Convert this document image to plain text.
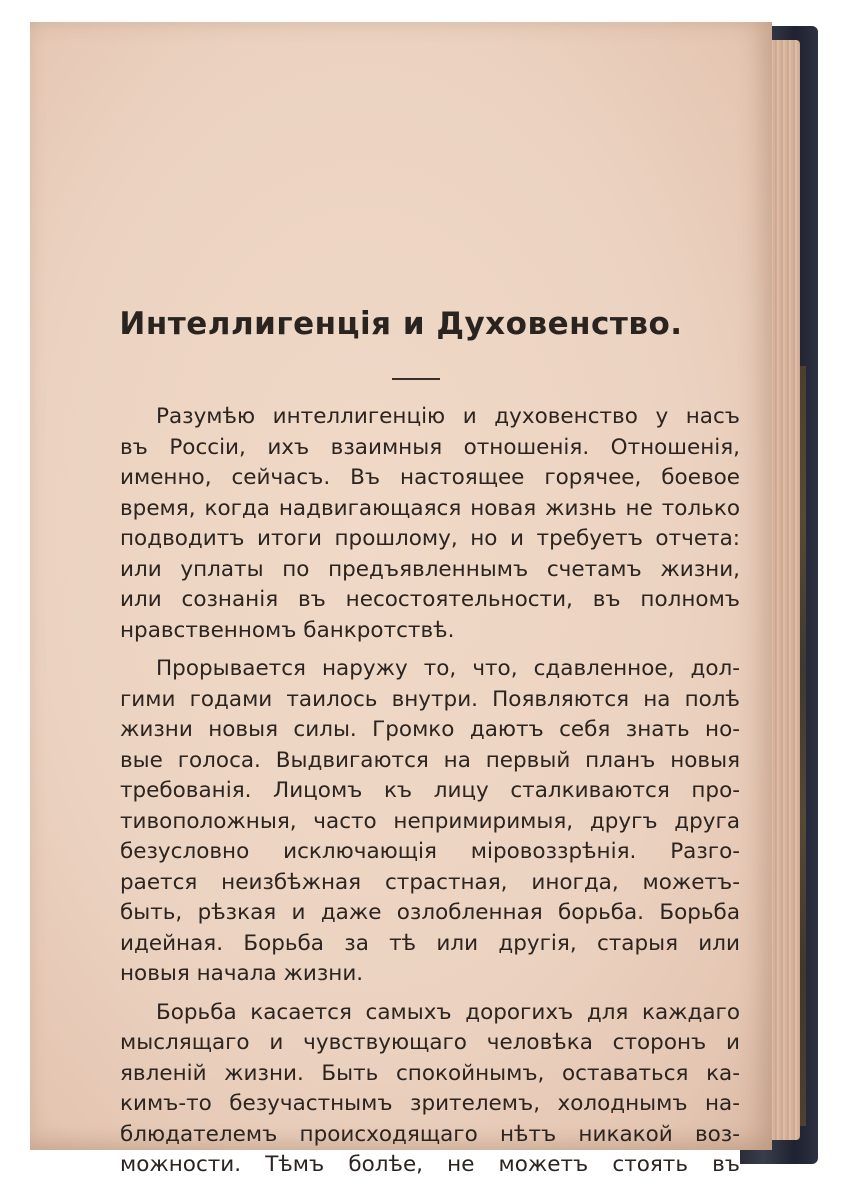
Интеллигенція и Духовенство.
Разумѣю интеллигенцію и духовенство у насъ
въ Россіи, ихъ взаимныя отношенія. Отношенія,
именно, сейчасъ. Въ настоящее горячее, боевое
время, когда надвигающаяся новая жизнь не только
подводитъ итоги прошлому, но и требуетъ отчета:
или уплаты по предъявленнымъ счетамъ жизни,
или сознанія въ несостоятельности, въ полномъ
нравственномъ банкротствѣ.
Прорывается наружу то, что, сдавленное, дол-
гими годами таилось внутри. Появляются на полѣ
жизни новыя силы. Громко даютъ себя знать но-
вые голоса. Выдвигаются на первый планъ новыя
требованія. Лицомъ къ лицу сталкиваются про-
тивоположныя, часто непримиримыя, другъ друга
безусловно исключающія міровоззрѣнія. Разго-
рается неизбѣжная страстная, иногда, можетъ-
быть, рѣзкая и даже озлобленная борьба. Борьба
идейная. Борьба за тѣ или другія, старыя или
новыя начала жизни.
Борьба касается самыхъ дорогихъ для каждаго
мыслящаго и чувствующаго человѣка сторонъ и
явленій жизни. Быть спокойнымъ, оставаться ка-
кимъ-то безучастнымъ зрителемъ, холоднымъ на-
блюдателемъ происходящаго нѣтъ никакой воз-
можности. Тѣмъ болѣе, не можетъ стоять въ
